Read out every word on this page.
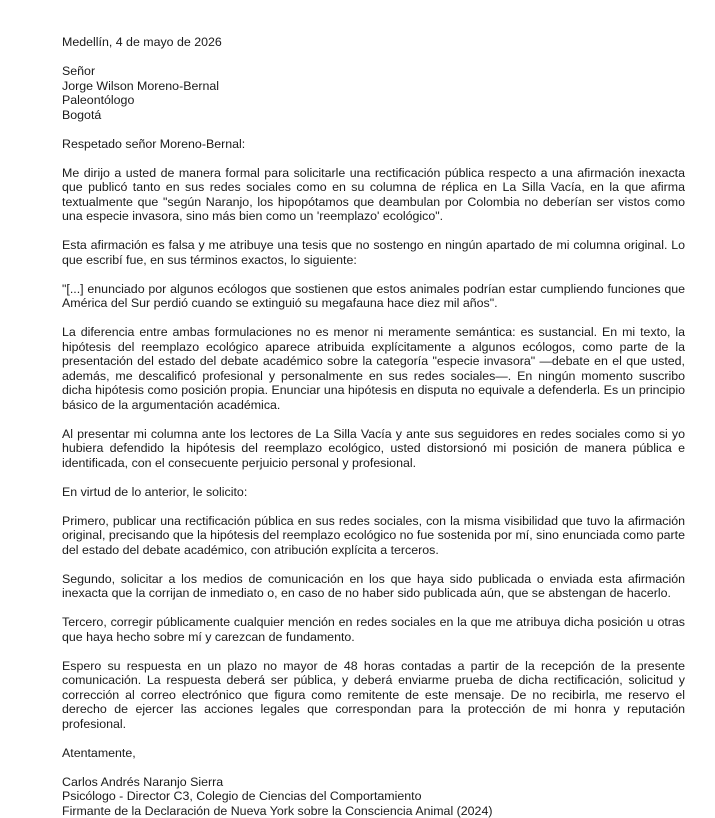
Medellín, 4 de mayo de 2026

Señor
Jorge Wilson Moreno-Bernal
Paleontólogo
Bogotá

Respetado señor Moreno-Bernal:

Me dirijo a usted de manera formal para solicitarle una rectificación pública respecto a una afirmación inexacta que publicó tanto en sus redes sociales como en su columna de réplica en La Silla Vacía, en la que afirma textualmente que "según Naranjo, los hipopótamos que deambulan por Colombia no deberían ser vistos como una especie invasora, sino más bien como un 'reemplazo' ecológico".

Esta afirmación es falsa y me atribuye una tesis que no sostengo en ningún apartado de mi columna original. Lo que escribí fue, en sus términos exactos, lo siguiente:

"[...] enunciado por algunos ecólogos que sostienen que estos animales podrían estar cumpliendo funciones que América del Sur perdió cuando se extinguió su megafauna hace diez mil años".

La diferencia entre ambas formulaciones no es menor ni meramente semántica: es sustancial. En mi texto, la hipótesis del reemplazo ecológico aparece atribuida explícitamente a algunos ecólogos, como parte de la presentación del estado del debate académico sobre la categoría "especie invasora" —debate en el que usted, además, me descalificó profesional y personalmente en sus redes sociales—. En ningún momento suscribo dicha hipótesis como posición propia. Enunciar una hipótesis en disputa no equivale a defenderla. Es un principio básico de la argumentación académica.

Al presentar mi columna ante los lectores de La Silla Vacía y ante sus seguidores en redes sociales como si yo hubiera defendido la hipótesis del reemplazo ecológico, usted distorsionó mi posición de manera pública e identificada, con el consecuente perjuicio personal y profesional.

En virtud de lo anterior, le solicito:

Primero, publicar una rectificación pública en sus redes sociales, con la misma visibilidad que tuvo la afirmación original, precisando que la hipótesis del reemplazo ecológico no fue sostenida por mí, sino enunciada como parte del estado del debate académico, con atribución explícita a terceros.

Segundo, solicitar a los medios de comunicación en los que haya sido publicada o enviada esta afirmación inexacta que la corrijan de inmediato o, en caso de no haber sido publicada aún, que se abstengan de hacerlo.

Tercero, corregir públicamente cualquier mención en redes sociales en la que me atribuya dicha posición u otras que haya hecho sobre mí y carezcan de fundamento.

Espero su respuesta en un plazo no mayor de 48 horas contadas a partir de la recepción de la presente comunicación. La respuesta deberá ser pública, y deberá enviarme prueba de dicha rectificación, solicitud y corrección al correo electrónico que figura como remitente de este mensaje. De no recibirla, me reservo el derecho de ejercer las acciones legales que correspondan para la protección de mi honra y reputación profesional.

Atentamente,

Carlos Andrés Naranjo Sierra
Psicólogo - Director C3, Colegio de Ciencias del Comportamiento
Firmante de la Declaración de Nueva York sobre la Consciencia Animal (2024)
